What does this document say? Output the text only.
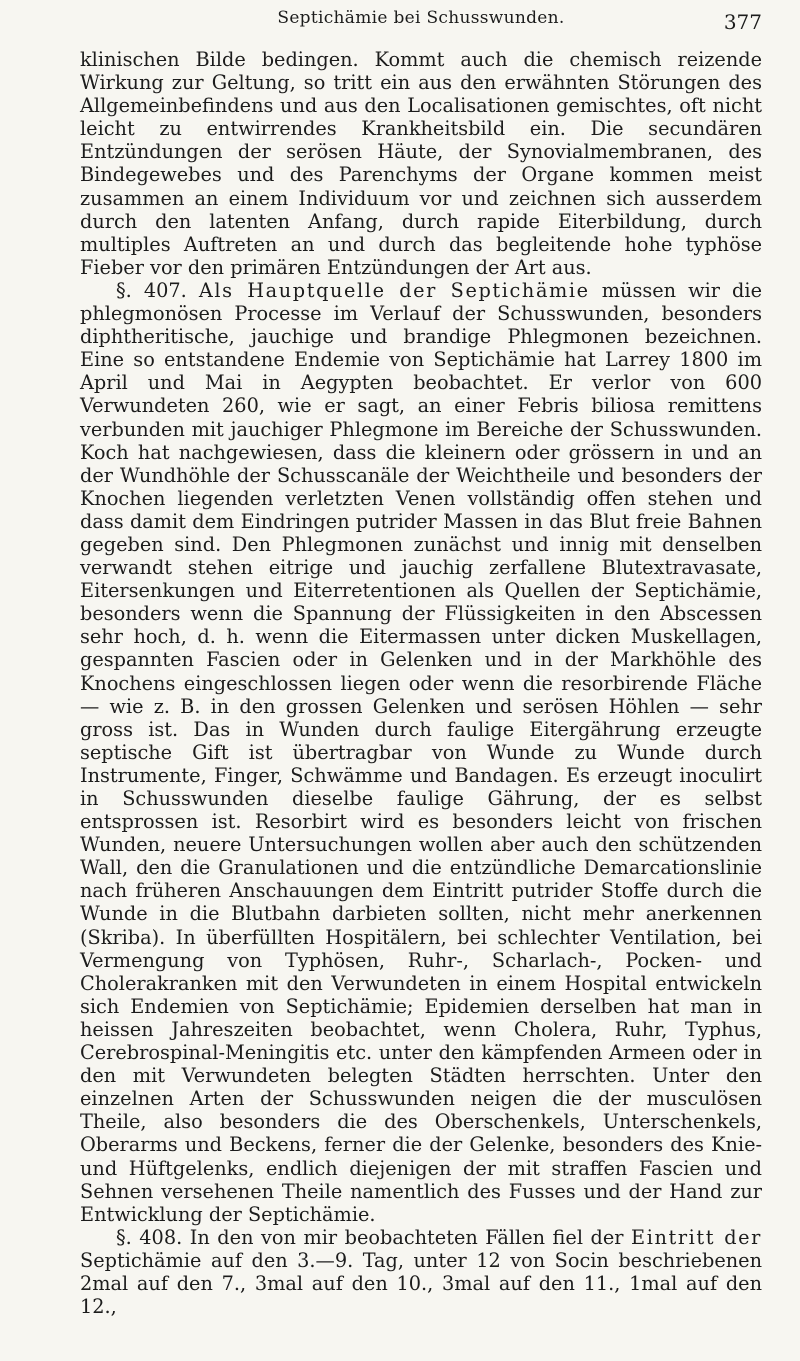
Septichämie bei Schusswunden.	377

klinischen Bilde bedingen. Kommt auch die chemisch reizende Wirkung zur Geltung, so tritt ein aus den erwähnten Störungen des Allgemeinbefindens und aus den Localisationen gemischtes, oft nicht leicht zu entwirrendes Krankheitsbild ein. Die secundären Entzündungen der serösen Häute, der Synovialmembranen, des Bindegewebes und des Parenchyms der Organe kommen meist zusammen an einem Individuum vor und zeichnen sich ausserdem durch den latenten Anfang, durch rapide Eiterbildung, durch multiples Auftreten an und durch das begleitende hohe typhöse Fieber vor den primären Entzündungen der Art aus.

§. 407. Als Hauptquelle der Septichämie müssen wir die phlegmonösen Processe im Verlauf der Schusswunden, besonders diphtheritische, jauchige und brandige Phlegmonen bezeichnen. Eine so entstandene Endemie von Septichämie hat Larrey 1800 im April und Mai in Aegypten beobachtet. Er verlor von 600 Verwundeten 260, wie er sagt, an einer Febris biliosa remittens verbunden mit jauchiger Phlegmone im Bereiche der Schusswunden. Koch hat nachgewiesen, dass die kleinern oder grössern in und an der Wundhöhle der Schusscanäle der Weichtheile und besonders der Knochen liegenden verletzten Venen vollständig offen stehen und dass damit dem Eindringen putrider Massen in das Blut freie Bahnen gegeben sind. Den Phlegmonen zunächst und innig mit denselben verwandt stehen eitrige und jauchig zerfallene Blutextravasate, Eitersenkungen und Eiterretentionen als Quellen der Septichämie, besonders wenn die Spannung der Flüssigkeiten in den Abscessen sehr hoch, d. h. wenn die Eitermassen unter dicken Muskellagen, gespannten Fascien oder in Gelenken und in der Markhöhle des Knochens eingeschlossen liegen oder wenn die resorbirende Fläche — wie z. B. in den grossen Gelenken und serösen Höhlen — sehr gross ist. Das in Wunden durch faulige Eitergährung erzeugte septische Gift ist übertragbar von Wunde zu Wunde durch Instrumente, Finger, Schwämme und Bandagen. Es erzeugt inoculirt in Schusswunden dieselbe faulige Gährung, der es selbst entsprossen ist. Resorbirt wird es besonders leicht von frischen Wunden, neuere Untersuchungen wollen aber auch den schützenden Wall, den die Granulationen und die entzündliche Demarcationslinie nach früheren Anschauungen dem Eintritt putrider Stoffe durch die Wunde in die Blutbahn darbieten sollten, nicht mehr anerkennen (Skriba). In überfüllten Hospitälern, bei schlechter Ventilation, bei Vermengung von Typhösen, Ruhr-, Scharlach-, Pocken- und Cholerakranken mit den Verwundeten in einem Hospital entwickeln sich Endemien von Septichämie; Epidemien derselben hat man in heissen Jahreszeiten beobachtet, wenn Cholera, Ruhr, Typhus, Cerebrospinal-Meningitis etc. unter den kämpfenden Armeen oder in den mit Verwundeten belegten Städten herrschten. Unter den einzelnen Arten der Schusswunden neigen die der musculösen Theile, also besonders die des Oberschenkels, Unterschenkels, Oberarms und Beckens, ferner die der Gelenke, besonders des Knie- und Hüftgelenks, endlich diejenigen der mit straffen Fascien und Sehnen versehenen Theile namentlich des Fusses und der Hand zur Entwicklung der Septichämie.

§. 408. In den von mir beobachteten Fällen fiel der Eintritt der Septichämie auf den 3.—9. Tag, unter 12 von Socin beschriebenen 2mal auf den 7., 3mal auf den 10., 3mal auf den 11., 1mal auf den 12.,
